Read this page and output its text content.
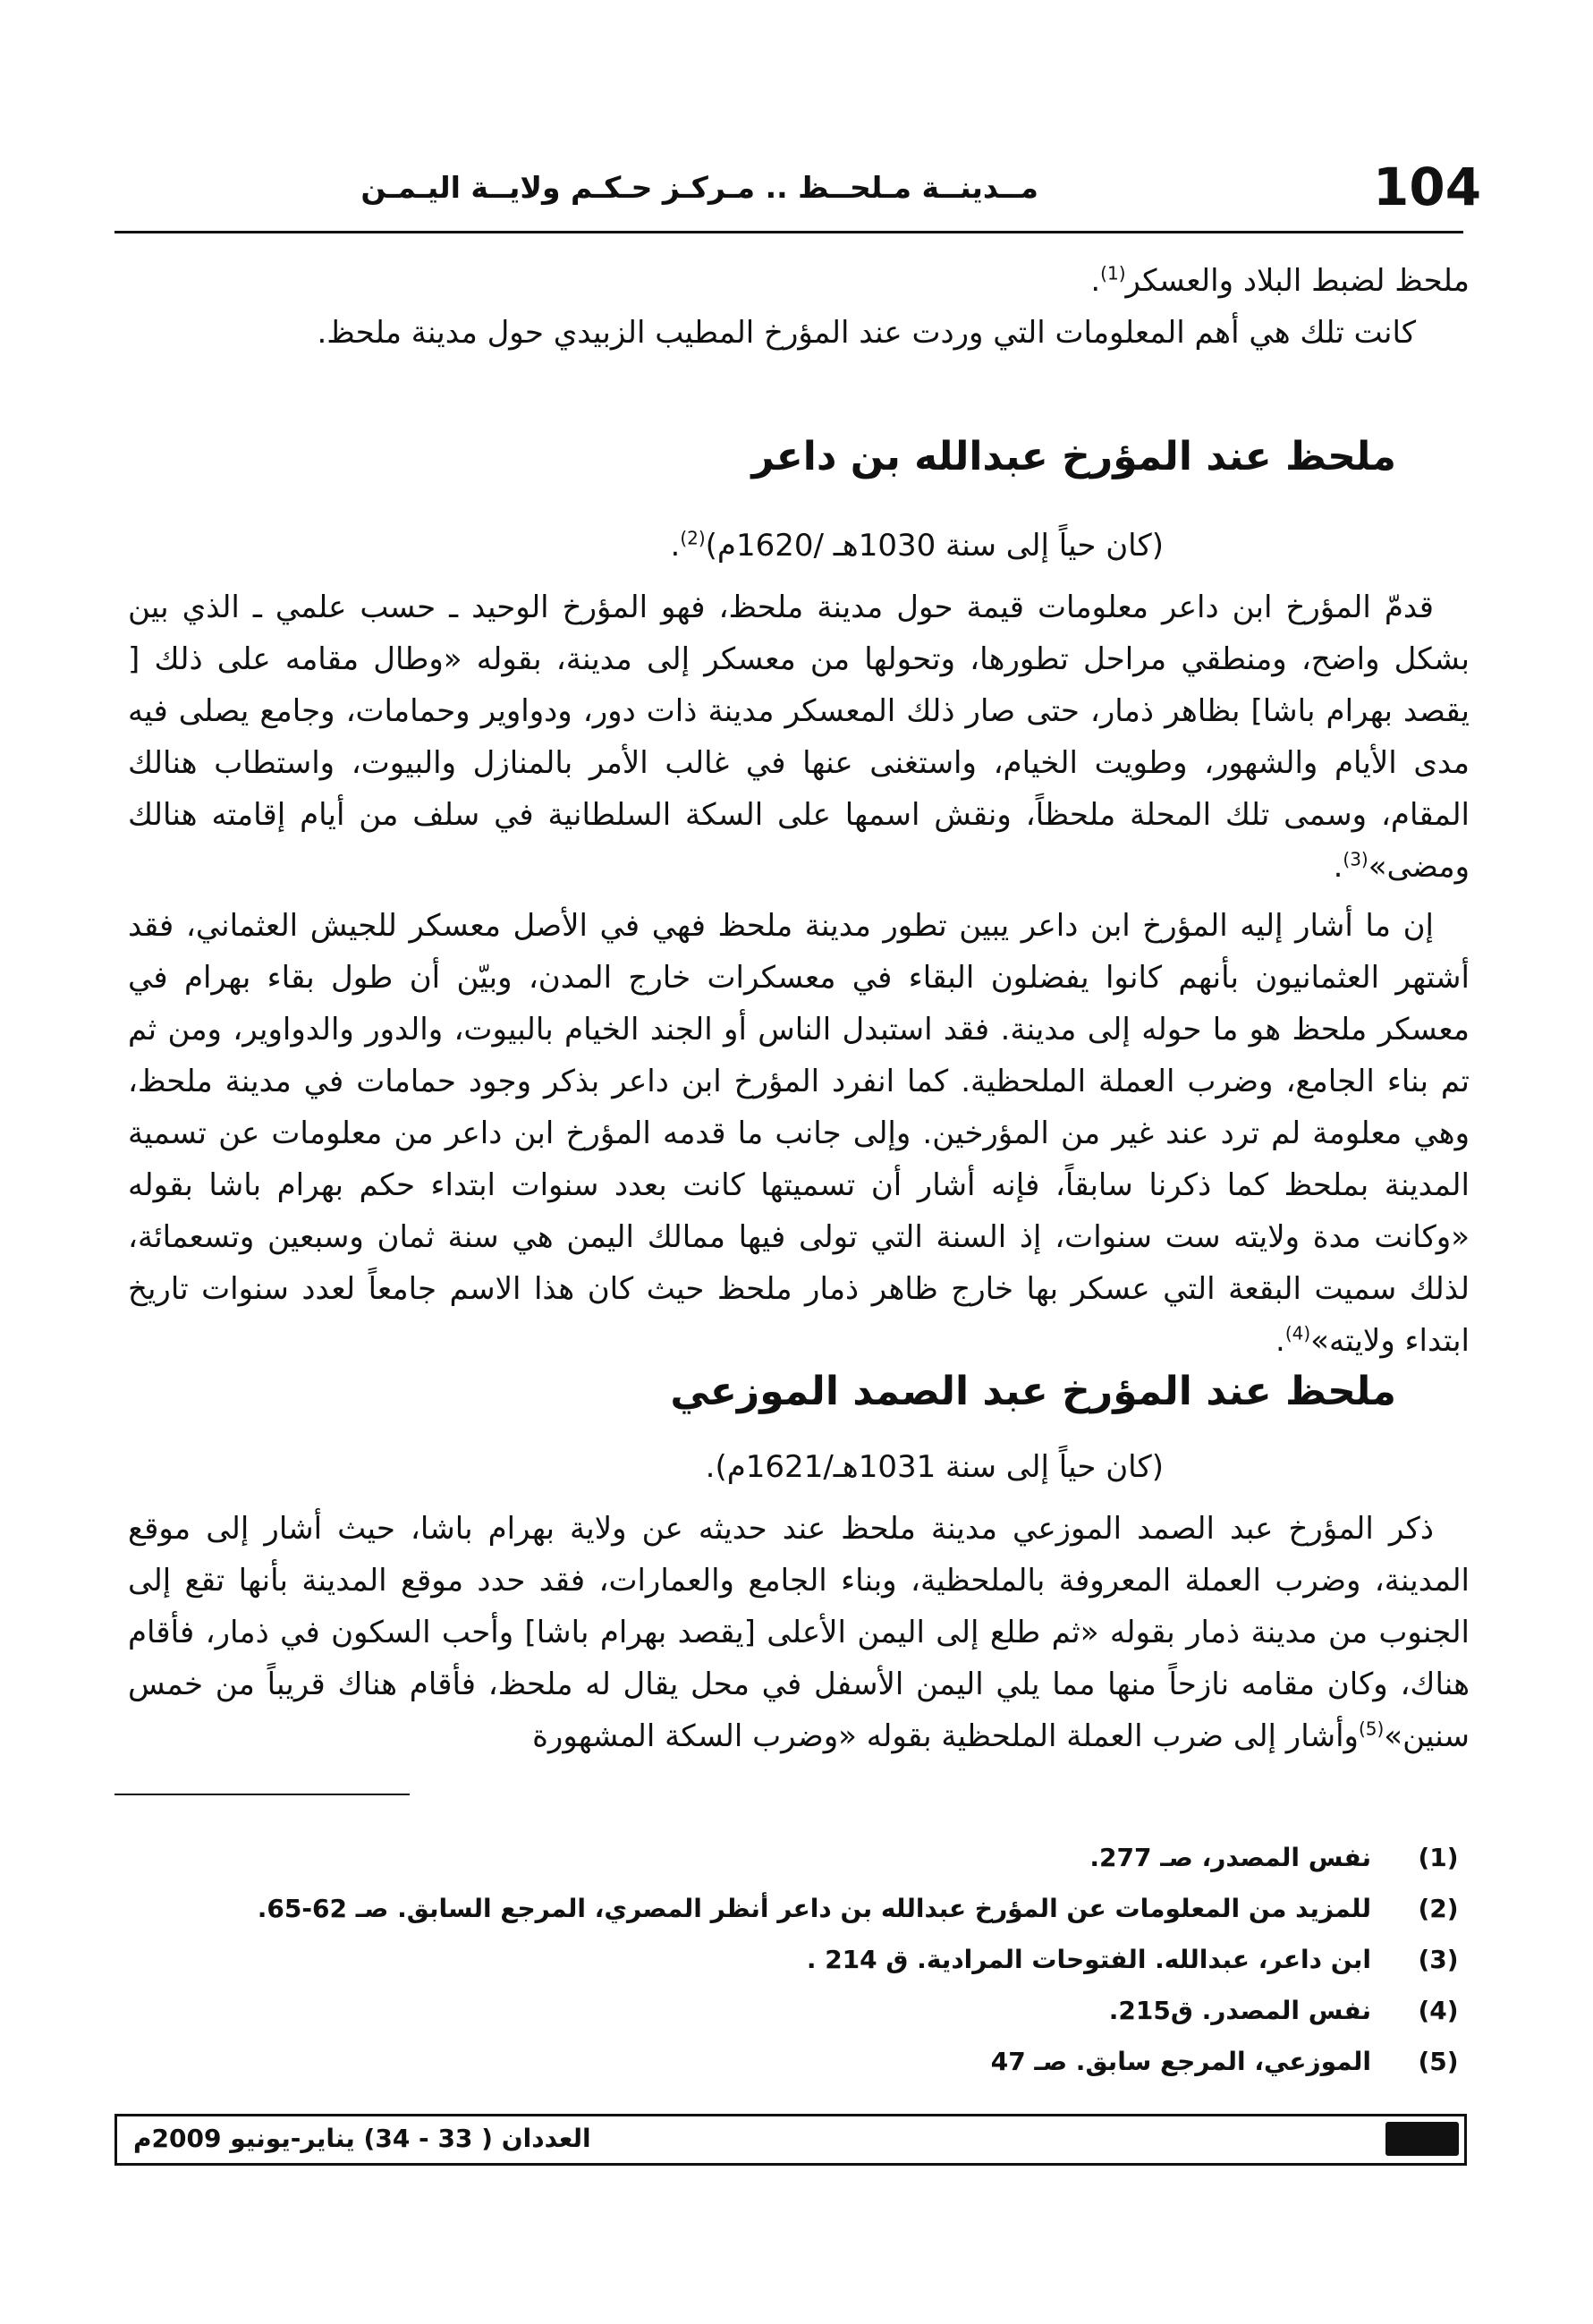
104
مــدينــة مـلحــظ .. مـركـز حـكـم ولايــة اليـمـن

ملحظ لضبط البلاد والعسكر$^{(1)}$.

كانت تلك هي أهم المعلومات التي وردت عند المؤرخ المطيب الزبيدي حول مدينة ملحظ.

ملحظ عند المؤرخ عبدالله بن داعر

(كان حياً إلى سنة 1030هـ /1620م)$^{(2)}$.

قدمّ المؤرخ ابن داعر معلومات قيمة حول مدينة ملحظ، فهو المؤرخ الوحيد ـ حسب علمي ـ الذي بين بشكل واضح، ومنطقي مراحل تطورها، وتحولها من معسكر إلى مدينة، بقوله «وطال مقامه على ذلك [ يقصد بهرام باشا] بظاهر ذمار، حتى صار ذلك المعسكر مدينة ذات دور، ودواوير وحمامات، وجامع يصلى فيه مدى الأيام والشهور، وطويت الخيام، واستغنى عنها في غالب الأمر بالمنازل والبيوت، واستطاب هنالك المقام، وسمى تلك المحلة ملحظاً، ونقش اسمها على السكة السلطانية في سلف من أيام إقامته هنالك ومضى»$^{(3)}$.

إن ما أشار إليه المؤرخ ابن داعر يبين تطور مدينة ملحظ فهي في الأصل معسكر للجيش العثماني، فقد أشتهر العثمانيون بأنهم كانوا يفضلون البقاء في معسكرات خارج المدن، وبيّن أن طول بقاء بهرام في معسكر ملحظ هو ما حوله إلى مدينة. فقد استبدل الناس أو الجند الخيام بالبيوت، والدور والدواوير، ومن ثم تم بناء الجامع، وضرب العملة الملحظية. كما انفرد المؤرخ ابن داعر بذكر وجود حمامات في مدينة ملحظ، وهي معلومة لم ترد عند غير من المؤرخين. وإلى جانب ما قدمه المؤرخ ابن داعر من معلومات عن تسمية المدينة بملحظ كما ذكرنا سابقاً، فإنه أشار أن تسميتها كانت بعدد سنوات ابتداء حكم بهرام باشا بقوله «وكانت مدة ولايته ست سنوات، إذ السنة التي تولى فيها ممالك اليمن هي سنة ثمان وسبعين وتسعمائة، لذلك سميت البقعة التي عسكر بها خارج ظاهر ذمار ملحظ حيث كان هذا الاسم جامعاً لعدد سنوات تاريخ ابتداء ولايته»$^{(4)}$.

ملحظ عند المؤرخ عبد الصمد الموزعي

(كان حياً إلى سنة 1031هـ/1621م).

ذكر المؤرخ عبد الصمد الموزعي مدينة ملحظ عند حديثه عن ولاية بهرام باشا، حيث أشار إلى موقع المدينة، وضرب العملة المعروفة بالملحظية، وبناء الجامع والعمارات، فقد حدد موقع المدينة بأنها تقع إلى الجنوب من مدينة ذمار بقوله «ثم طلع إلى اليمن الأعلى [يقصد بهرام باشا] وأحب السكون في ذمار، فأقام هناك، وكان مقامه نازحاً منها مما يلي اليمن الأسفل في محل يقال له ملحظ، فأقام هناك قريباً من خمس سنين»$^{(5)}$وأشار إلى ضرب العملة الملحظية بقوله «وضرب السكة المشهورة

(1)نفس المصدر، صـ 277.
(2)للمزيد من المعلومات عن المؤرخ عبدالله بن داعر أنظر المصري، المرجع السابق. صـ 62-65.
(3)ابن داعر، عبدالله. الفتوحات المرادية. ق 214 .
(4)نفس المصدر. ق215.
العددان ( 33 - 34) يناير-يونيو 2009م
(5)الموزعي، المرجع سابق. صـ 47
